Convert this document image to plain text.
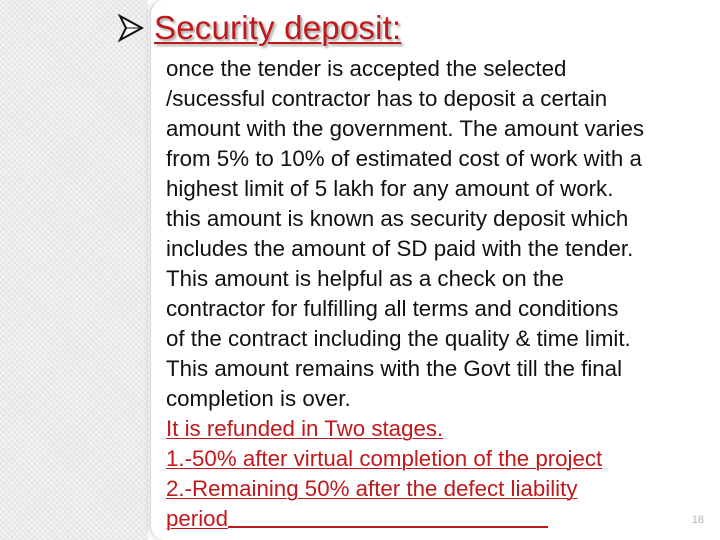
Security deposit:
once the tender is accepted the selected
/sucessful contractor has to deposit a certain
amount with the government. The amount varies
from 5% to 10% of estimated cost of work with a
highest limit of 5 lakh for any amount of work.
this amount is known as security deposit which
includes the amount of SD paid with the tender.
This amount is helpful as a check on the
contractor for fulfilling all terms and conditions
of the contract including the quality & time limit.
This amount remains with the Govt till the final
completion is over.
It is refunded in Two stages.
1.-50% after virtual completion of the project
2.-Remaining 50% after the defect liability
period	18
